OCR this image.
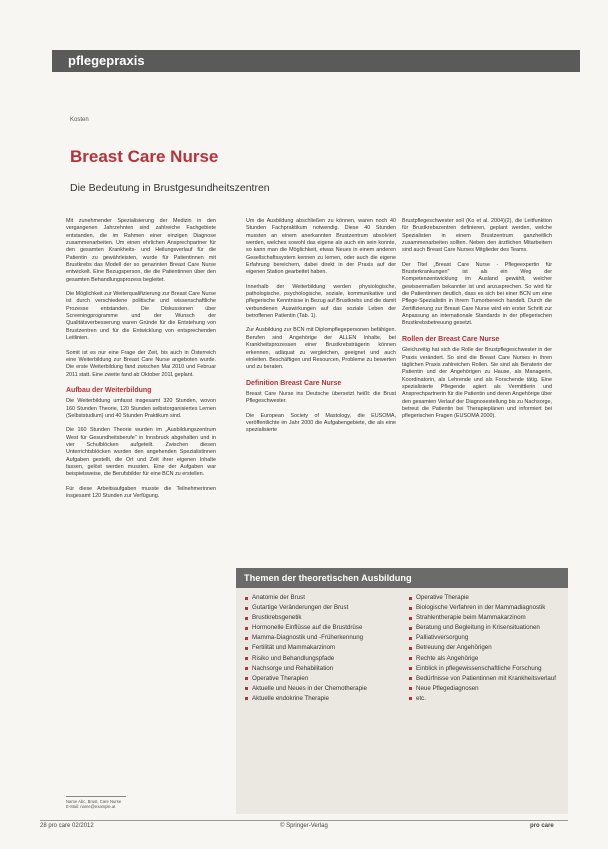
pflegepraxis
Kosten
Breast Care Nurse
Die Bedeutung in Brustgesundheitszentren

Mit zunehmender Spezialisierung der Medizin in den vergangenen Jahrzehnten sind zahlreiche Fachgebiete entstanden, die im Rahmen einer einzigen Diagnose zusammenarbeiten. Um einen ehrlichen Ansprechpartner für den gesamten Krankheits- und Heilungsverlauf für die Patientin zu gewährleisten, wurde für Patientinnen mit Brustkrebs das Modell der so genannten Breast Care Nurse entwickelt. Eine Bezugsperson, die die Patientinnen über den gesamten Behandlungsprozess begleitet.

Die Möglichkeit zur Weiterqualifizierung zur Breast Care Nurse ist durch verschiedene politische und wissenschaftliche Prozesse entstanden. Die Diskussionen über Screeningprogramme und der Wunsch der Qualitätsverbesserung waren Gründe für die Entstehung von Brustzentren und für die Entwicklung von entsprechenden Leitlinien.

Somit ist es nur eine Frage der Zeit, bis auch in Österreich eine Weiterbildung zur Breast Care Nurse angeboten wurde. Die erste Weiterbildung fand zwischen Mai 2010 und Februar 2011 statt. Eine zweite fand ab Oktober 2011 geplant.

Aufbau der Weiterbildung

Die Weiterbildung umfasst insgesamt 320 Stunden, wovon 160 Stunden Theorie, 120 Stunden selbstorganisiertes Lernen (Selbststudium) und 40 Stunden Praktikum sind.

Die 160 Stunden Theorie wurden im „Ausbildungszentrum West für Gesundheitsberufe" in Innsbruck abgehalten und in vier Schulblöcken aufgeteilt. Zwischen diesen Unterrichtsblöcken wurden den angehenden Spezialistinnen Aufgaben gestellt, die Ort und Zeit ihrer eigenen Inhalte fassen, gelöst werden mussten. Eine der Aufgaben war beispielsweise, die Berufsbilder für eine BCN zu erstellen.

Für diese Arbeitsaufgaben musste die Teilnehmerinnen insgesamt 120 Stunden zur Verfügung.

Um die Ausbildung abschließen zu können, waren noch 40 Stunden Fachpraktikum notwendig. Diese 40 Stunden mussten an einem anerkannten Brustzentrum absolviert werden, welches sowohl das eigene als auch ein sein konnte, so kann man die Möglichkeit, etwas Neues in einem anderen Gesellschaftssystem kennen zu lernen, oder auch die eigene Erfahrung bereichern, dabei direkt in der Praxis auf der eigenen Station gearbeitet haben.

Innerhalb der Weiterbildung werden physiologische, pathologische, psychologische, soziale, kommunikative und pflegerische Kenntnisse in Bezug auf Brustkrebs und die damit verbundenen Auswirkungen auf das soziale Leben der betroffenen Patientin (Tab. 1).

Zur Ausbildung zur BCN mit Diplompflegepersonen befähigen. Berufen sind Angehörige der ALLEN Inhalte, bei Krankheitsprozessen einer Brustkrebsträgerin können erkennen, adäquat zu vergleichen, geeignet und auch einleiten. Beschäftigen und Resourcen, Probleme zu bewerten und zu beraten.

Definition Breast Care Nurse

Breast Care Nurse ins Deutsche übersetzt heißt: die Brust Pflegeschwester.

Die European Society of Mastology, die EUSOMA, veröffentlichte im Jahr 2000 die Aufgabengebiete, die als eine spezialisierte

Brustpflegeschwester soll (Ko et al. 2004)(2), die Leitfunktion für Brustkrebszentren definieren, geplant werden, welche Spezialisten in einem Brustzentrum ganzheitlich zusammenarbeiten sollten. Neben den ärztlichen Mitarbeitern sind auch Breast Care Nurses Mitglieder des Teams.

Der Titel „Breast Care Nurse - Pflegeexpertin für Brusterkrankungen" ist als ein Weg der Kompetenzentwicklung im Ausland gewählt, welcher gewissermaßen bekannter ist und anzusprechen. So wird für die Patientinnen deutlich, dass es sich bei einer BCN um eine Pflege-Spezialistin in ihrem Tumorbereich handelt. Durch die Zertifizierung zur Breast Care Nurse wird ein erster Schritt zur Anpassung an internationale Standards in der pflegerischen Brustkrebsbetreuung gesetzt.

Rollen der Breast Care Nurse

Gleichzeitig hat sich die Rolle der Brustpflegeschwester in der Praxis verändert. So sind die Breast Care Nurses in ihren täglichen Praxis zahlreichen Rollen. Sie sind als Beraterin der Patientin und der Angehörigen zu Hause, als Managerin, Koordinatorin, als Lehrende und als Forschende tätig. Eine spezialisierte Pflegende agiert als Vermittlerin und Ansprechpartnerin für die Patientin und deren Angehörige über den gesamten Verlauf der Diagnosestellung bis zu Nachsorge, betreut die Patientin bei Therapieplänen und informiert bei pflegerischen Fragen (EUSOMA 2000).

Themen der theoretischen Ausbildung
Anatomie der Brust
Gutartige Veränderungen der Brust
Brustkrebsgenetik
Hormonelle Einflüsse auf die Brustdrüse
Mamma-Diagnostik und -Früherkennung
Fertilität und Mammakarzinom
Risiko und Behandlungspfade
Nachsorge und Rehabilitation
Operative Therapien
Aktuelle und Neues in der Chemotherapie
Aktuelle endokrine Therapie
Operative Therapie
Biologische Verfahren in der Mammadiagnostik
Strahlentherapie beim Mammakarzinom
Beratung und Begleitung in Krisensituationen
Palliativversorgung
Betreuung der Angehörigen
Rechte als Angehörige
Einblick in pflegewissenschaftliche Forschung
Bedürfnisse von Patientinnen mit Krankheitsverlauf
Neue Pflegediagnosen
etc.
Name Abc, Brust, Care Nurse
E-Mail: name@example.at
28 pro care 02/2012	© Springer-Verlag	pro care
